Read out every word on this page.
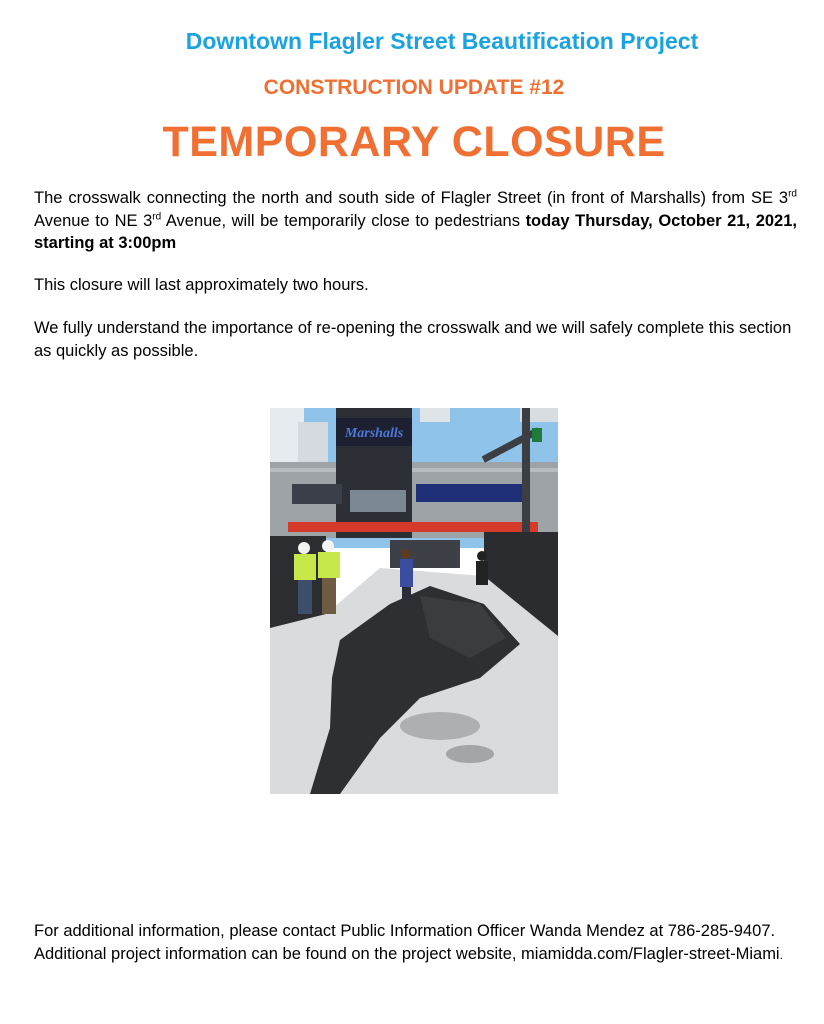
Downtown Flagler Street Beautification Project
CONSTRUCTION UPDATE #12
TEMPORARY CLOSURE

The crosswalk connecting the north and south side of Flagler Street (in front of Marshalls) from SE 3rd Avenue to NE 3rd Avenue, will be temporarily close to pedestrians today Thursday, October 21, 2021, starting at 3:00pm

This closure will last approximately two hours.

We fully understand the importance of re-opening the crosswalk and we will safely complete this section as quickly as possible.

Marshalls

For additional information, please contact Public Information Officer Wanda Mendez at 786-285-9407. Additional project information can be found on the project website, miamidda.com/Flagler-street-Miami.
